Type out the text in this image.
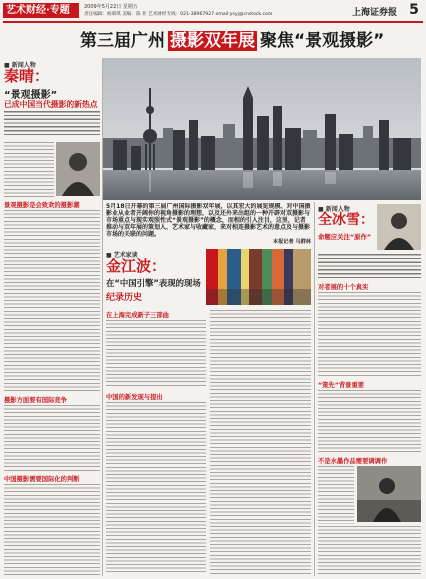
艺术财经·专题	2009年5月22日 星期五
责任编辑：杨慕琪 美编：陈 亚 艺术财经专线：021-38967927 email:ysyj@cnstock.com	上海证券报 5
第三届广州 摄影双年展 聚焦“景观摄影”
■ 新闻人物
秦晴：
“景观摄影”
已成中国当代摄影的新热点
景观摄影是会致欢的摄影潮
摄影方面要有国际竞争
中国摄影需要国际化的判断
5月18日开幕的第三届广州国际摄影双年展，以其宏大的展览规模、对中国摄影业从业者开阔你的视角摄影的理想，以及还外来出组的一种开辟对双摄影与市场重点与现实观照性式“景观摄影”的概念，而相的引人注目，这里，记者推动与双年展的策划人、艺术家与收藏家，来对相连摄影艺术的意点及与摄影市场的关联的问题。
本报记者 马群林
■ 艺术家谈
金江波：
在“中国引擎”表现的现场
纪录历史
在上海完成新子三部曲
中国的新发现与提出
■ 新闻人物
全冰雪：
命题应关注“原作”
对者展的十个真实
“策先”背景重要
不是水墨作品需要调调作
